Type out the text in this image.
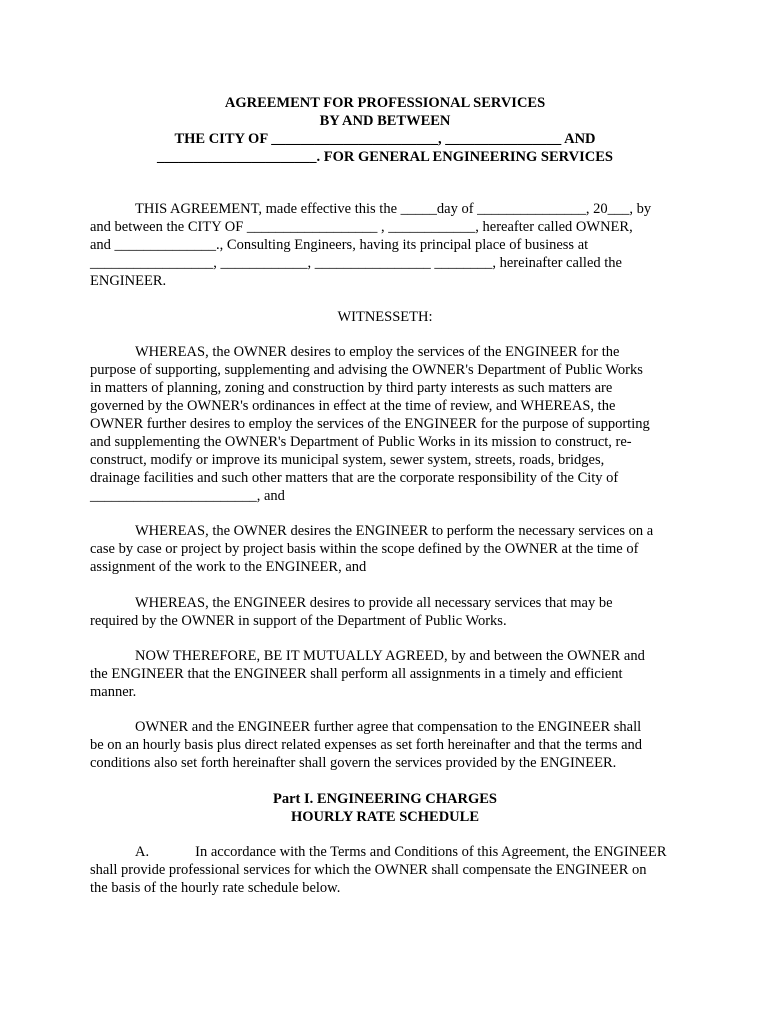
AGREEMENT FOR PROFESSIONAL SERVICES
BY AND BETWEEN
THE CITY OF _______________________, ________________ AND
______________________. FOR GENERAL ENGINEERING SERVICES
THIS AGREEMENT, made effective this the _____day of _______________, 20___, by
and between the CITY OF __________________ , ____________, hereafter called OWNER,
and ______________., Consulting Engineers, having its principal place of business at
_________________, ____________, ________________ ________, hereinafter called the
ENGINEER.
WITNESSETH:
WHEREAS, the OWNER desires to employ the services of the ENGINEER for the
purpose of supporting, supplementing and advising the OWNER's Department of Public Works
in matters of planning, zoning and construction by third party interests as such matters are
governed by the OWNER's ordinances in effect at the time of review, and WHEREAS, the
OWNER further desires to employ the services of the ENGINEER for the purpose of supporting
and supplementing the OWNER's Department of Public Works in its mission to construct, re-
construct, modify or improve its municipal system, sewer system, streets, roads, bridges,
drainage facilities and such other matters that are the corporate responsibility of the City of
_______________________, and
WHEREAS, the OWNER desires the ENGINEER to perform the necessary services on a
case by case or project by project basis within the scope defined by the OWNER at the time of
assignment of the work to the ENGINEER, and
WHEREAS, the ENGINEER desires to provide all necessary services that may be
required by the OWNER in support of the Department of Public Works.
NOW THEREFORE, BE IT MUTUALLY AGREED, by and between the OWNER and
the ENGINEER that the ENGINEER shall perform all assignments in a timely and efficient
manner.
OWNER and the ENGINEER further agree that compensation to the ENGINEER shall
be on an hourly basis plus direct related expenses as set forth hereinafter and that the terms and
conditions also set forth hereinafter shall govern the services provided by the ENGINEER.
Part I. ENGINEERING CHARGES
HOURLY RATE SCHEDULE
A.	In accordance with the Terms and Conditions of this Agreement, the ENGINEER
shall provide professional services for which the OWNER shall compensate the ENGINEER on
the basis of the hourly rate schedule below.
